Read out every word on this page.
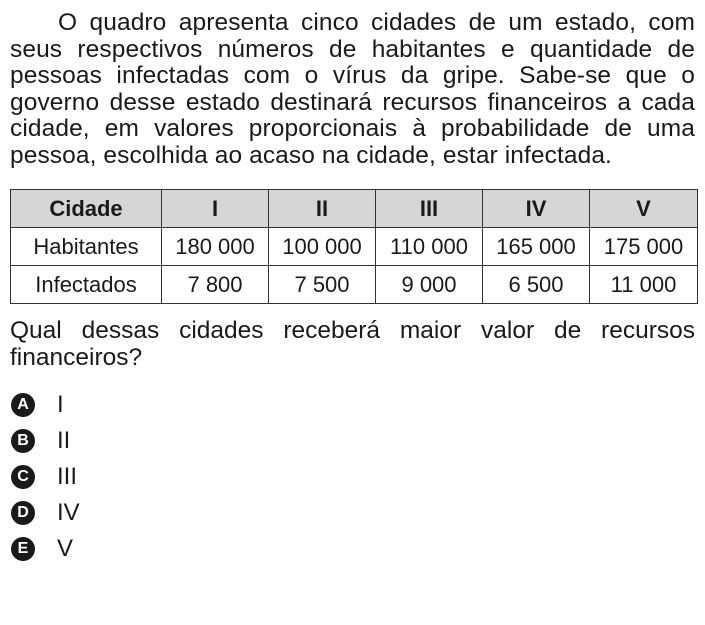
O quadro apresenta cinco cidades de um estado, com seus respectivos números de habitantes e quantidade de pessoas infectadas com o vírus da gripe. Sabe-se que o governo desse estado destinará recursos financeiros a cada cidade, em valores proporcionais à probabilidade de uma pessoa, escolhida ao acaso na cidade, estar infectada.

Cidade	I	II	III	IV	V
Habitantes	180 000	100 000	110 000	165 000	175 000
Infectados	7 800	7 500	9 000	6 500	11 000

Qual dessas cidades receberá maior valor de recursos financeiros?

A I
B II
C III
D IV
E V
